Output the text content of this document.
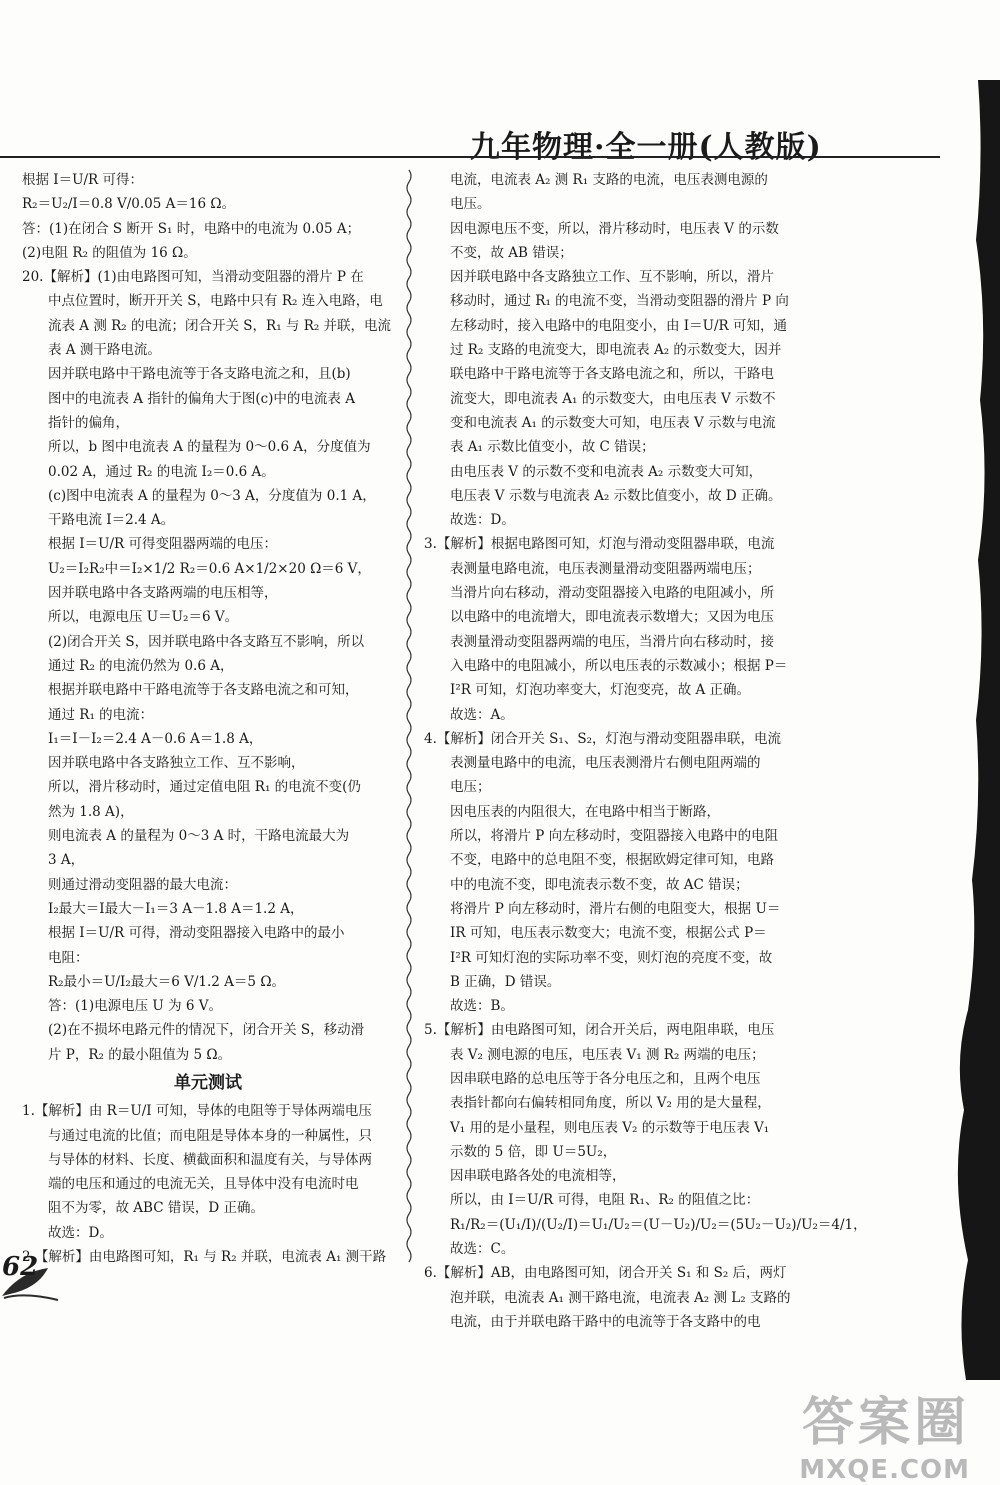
九年物理·全一册(人教版)
根据 I＝U/R 可得：
R₂＝U₂/I＝0.8 V/0.05 A＝16 Ω。
答：(1)在闭合 S 断开 S₁ 时，电路中的电流为 0.05 A；
(2)电阻 R₂ 的阻值为 16 Ω。
20.【解析】(1)由电路图可知，当滑动变阻器的滑片 P 在
中点位置时，断开开关 S，电路中只有 R₂ 连入电路，电
流表 A 测 R₂ 的电流；闭合开关 S，R₁ 与 R₂ 并联，电流
表 A 测干路电流。
因并联电路中干路电流等于各支路电流之和，且(b)
图中的电流表 A 指针的偏角大于图(c)中的电流表 A
指针的偏角，
所以，b 图中电流表 A 的量程为 0～0.6 A，分度值为
0.02 A，通过 R₂ 的电流 I₂＝0.6 A。
(c)图中电流表 A 的量程为 0～3 A，分度值为 0.1 A，
干路电流 I＝2.4 A。
根据 I＝U/R 可得变阻器两端的电压：
U₂＝I₂R₂中＝I₂×1/2 R₂＝0.6 A×1/2×20 Ω＝6 V，
因并联电路中各支路两端的电压相等，
所以，电源电压 U＝U₂＝6 V。
(2)闭合开关 S，因并联电路中各支路互不影响，所以
通过 R₂ 的电流仍然为 0.6 A，
根据并联电路中干路电流等于各支路电流之和可知，
通过 R₁ 的电流：
I₁＝I－I₂＝2.4 A－0.6 A＝1.8 A，
因并联电路中各支路独立工作、互不影响，
所以，滑片移动时，通过定值电阻 R₁ 的电流不变(仍
然为 1.8 A)，
则电流表 A 的量程为 0～3 A 时，干路电流最大为
3 A，
则通过滑动变阻器的最大电流：
I₂最大＝I最大－I₁＝3 A－1.8 A＝1.2 A，
根据 I＝U/R 可得，滑动变阻器接入电路中的最小
电阻：
R₂最小＝U/I₂最大＝6 V/1.2 A＝5 Ω。
答：(1)电源电压 U 为 6 V。
(2)在不损坏电路元件的情况下，闭合开关 S，移动滑
片 P，R₂ 的最小阻值为 5 Ω。
单元测试
1.【解析】由 R＝U/I 可知，导体的电阻等于导体两端电压
与通过电流的比值；而电阻是导体本身的一种属性，只
与导体的材料、长度、横截面积和温度有关，与导体两
端的电压和通过的电流无关，且导体中没有电流时电
阻不为零，故 ABC 错误，D 正确。
故选：D。
2.【解析】由电路图可知，R₁ 与 R₂ 并联，电流表 A₁ 测干路
电流，电流表 A₂ 测 R₁ 支路的电流，电压表测电源的
电压。
因电源电压不变，所以，滑片移动时，电压表 V 的示数
不变，故 AB 错误；
因并联电路中各支路独立工作、互不影响，所以，滑片
移动时，通过 R₁ 的电流不变，当滑动变阻器的滑片 P 向
左移动时，接入电路中的电阻变小，由 I＝U/R 可知，通
过 R₂ 支路的电流变大，即电流表 A₂ 的示数变大，因并
联电路中干路电流等于各支路电流之和，所以，干路电
流变大，即电流表 A₁ 的示数变大，由电压表 V 示数不
变和电流表 A₁ 的示数变大可知，电压表 V 示数与电流
表 A₁ 示数比值变小，故 C 错误；
由电压表 V 的示数不变和电流表 A₂ 示数变大可知，
电压表 V 示数与电流表 A₂ 示数比值变小，故 D 正确。
故选：D。
3.【解析】根据电路图可知，灯泡与滑动变阻器串联，电流
表测量电路电流，电压表测量滑动变阻器两端电压；
当滑片向右移动，滑动变阻器接入电路的电阻减小，所
以电路中的电流增大，即电流表示数增大；又因为电压
表测量滑动变阻器两端的电压，当滑片向右移动时，接
入电路中的电阻减小，所以电压表的示数减小；根据 P＝
I²R 可知，灯泡功率变大，灯泡变亮，故 A 正确。
故选：A。
4.【解析】闭合开关 S₁、S₂，灯泡与滑动变阻器串联，电流
表测量电路中的电流，电压表测滑片右侧电阻两端的
电压；
因电压表的内阻很大，在电路中相当于断路，
所以，将滑片 P 向左移动时，变阻器接入电路中的电阻
不变，电路中的总电阻不变，根据欧姆定律可知，电路
中的电流不变，即电流表示数不变，故 AC 错误；
将滑片 P 向左移动时，滑片右侧的电阻变大，根据 U＝
IR 可知，电压表示数变大；电流不变，根据公式 P＝
I²R 可知灯泡的实际功率不变，则灯泡的亮度不变，故
B 正确，D 错误。
故选：B。
5.【解析】由电路图可知，闭合开关后，两电阻串联，电压
表 V₂ 测电源的电压，电压表 V₁ 测 R₂ 两端的电压；
因串联电路的总电压等于各分电压之和，且两个电压
表指针都向右偏转相同角度，所以 V₂ 用的是大量程，
V₁ 用的是小量程，则电压表 V₂ 的示数等于电压表 V₁
示数的 5 倍，即 U＝5U₂，
因串联电路各处的电流相等，
所以，由 I＝U/R 可得，电阻 R₁、R₂ 的阻值之比：
R₁/R₂＝(U₁/I)/(U₂/I)＝U₁/U₂＝(U－U₂)/U₂＝(5U₂－U₂)/U₂＝4/1，
故选：C。
6.【解析】AB，由电路图可知，闭合开关 S₁ 和 S₂ 后，两灯
泡并联，电流表 A₁ 测干路电流，电流表 A₂ 测 L₂ 支路的
电流，由于并联电路干路中的电流等于各支路中的电
62
答案圈
MXQE.COM
